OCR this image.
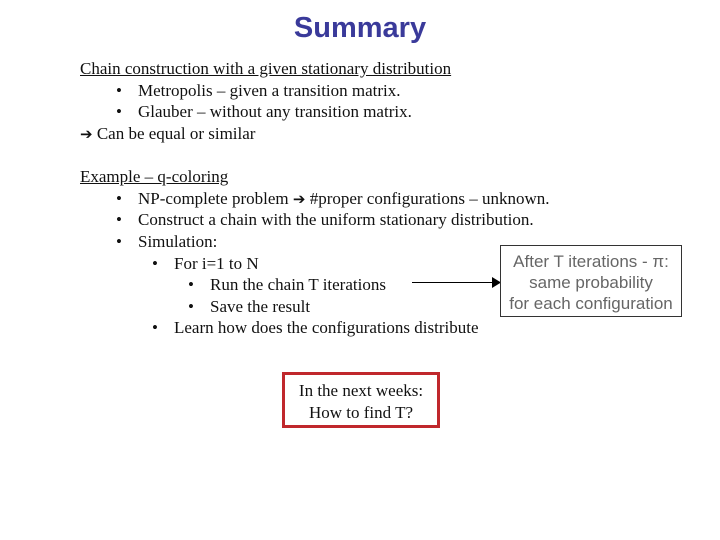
Summary
Chain construction with a given stationary distribution
• Metropolis – given a transition matrix.
• Glauber – without any transition matrix.
➔ Can be equal or similar
Example – q-coloring
• NP-complete problem ➔ #proper configurations – unknown.
• Construct a chain with the uniform stationary distribution.
• Simulation:
• For i=1 to N
• Run the chain T iterations
• Save the result
• Learn how does the configurations distribute
After T iterations - π:
same probability
for each configuration
In the next weeks:
How to find T?
